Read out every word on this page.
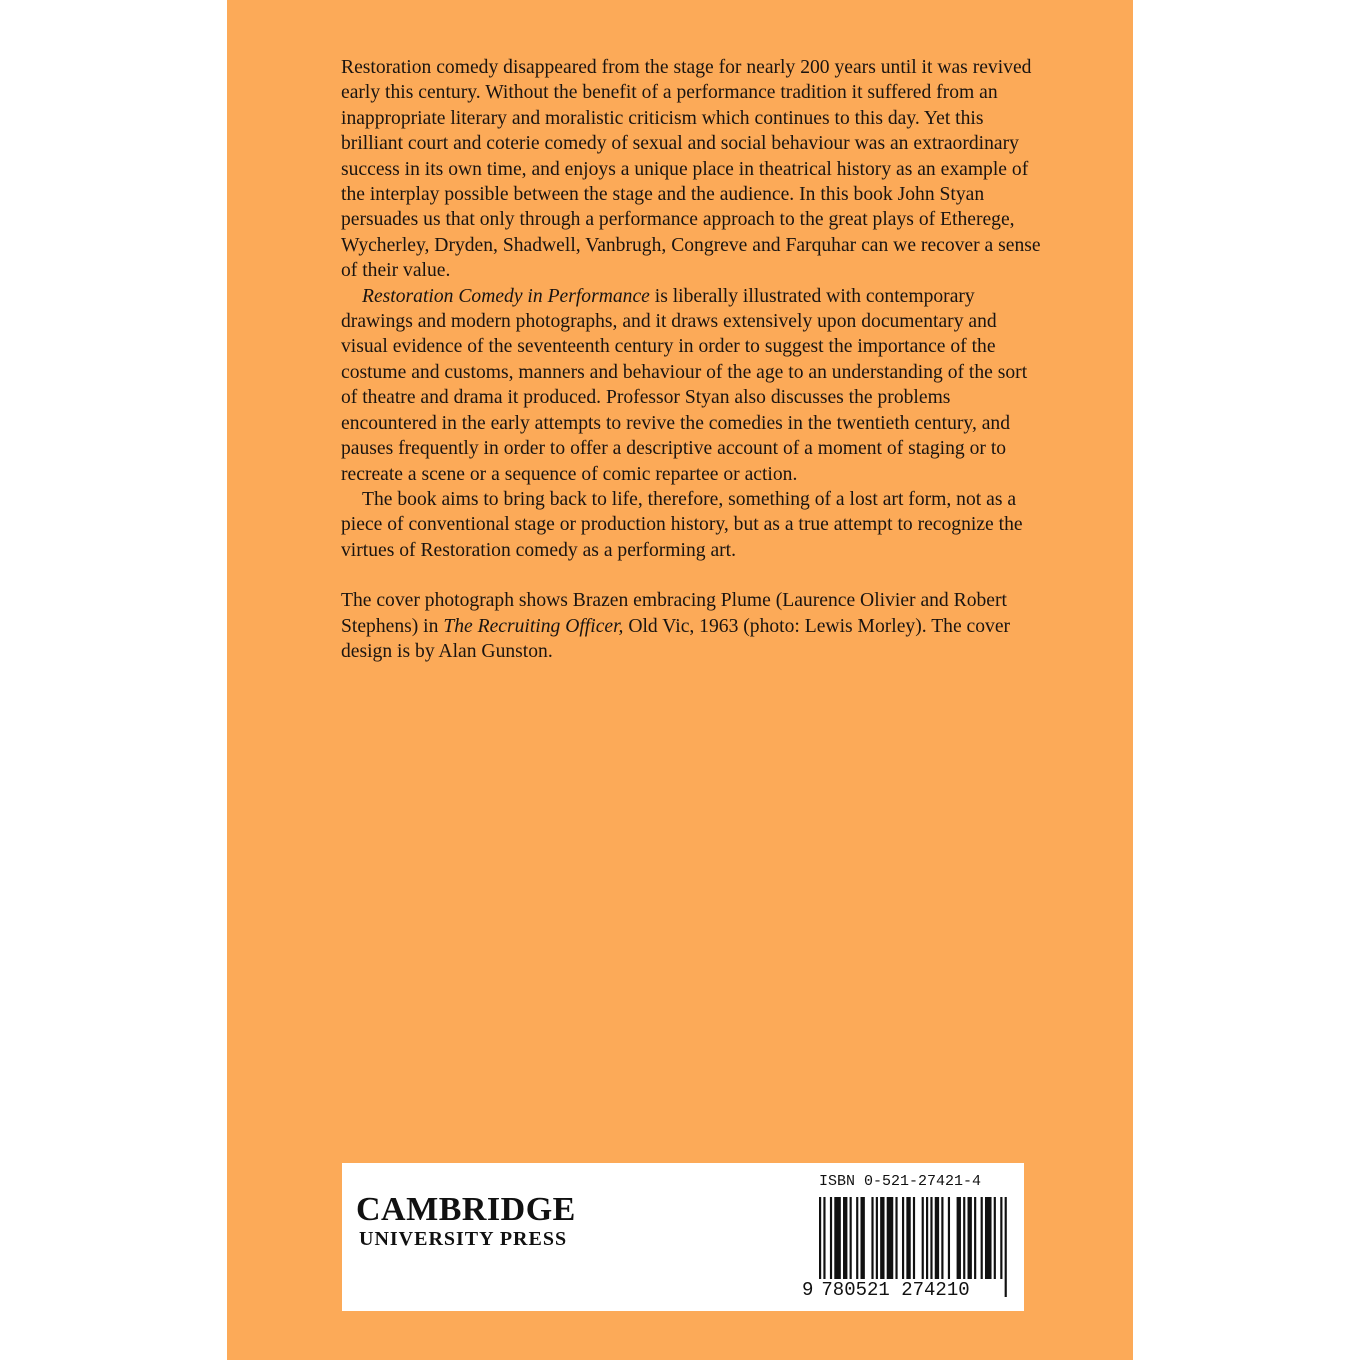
Restoration comedy disappeared from the stage for nearly 200 years until it was revived early this century. Without the benefit of a performance tradition it suffered from an inappropriate literary and moralistic criticism which continues to this day. Yet this brilliant court and coterie comedy of sexual and social behaviour was an extraordinary success in its own time, and enjoys a unique place in theatrical history as an example of the interplay possible between the stage and the audience. In this book John Styan persuades us that only through a performance approach to the great plays of Etherege, Wycherley, Dryden, Shadwell, Vanbrugh, Congreve and Farquhar can we recover a sense of their value.

Restoration Comedy in Performance is liberally illustrated with contemporary drawings and modern photographs, and it draws extensively upon documentary and visual evidence of the seventeenth century in order to suggest the importance of the costume and customs, manners and behaviour of the age to an understanding of the sort of theatre and drama it produced. Professor Styan also discusses the problems encountered in the early attempts to revive the comedies in the twentieth century, and pauses frequently in order to offer a descriptive account of a moment of staging or to recreate a scene or a sequence of comic repartee or action.

The book aims to bring back to life, therefore, something of a lost art form, not as a piece of conventional stage or production history, but as a true attempt to recognize the virtues of Restoration comedy as a performing art.

The cover photograph shows Brazen embracing Plume (Laurence Olivier and Robert Stephens) in The Recruiting Officer, Old Vic, 1963 (photo: Lewis Morley). The cover design is by Alan Gunston.

CAMBRIDGE
UNIVERSITY PRESS
ISBN 0-521-27421-4
9 780521 274210
